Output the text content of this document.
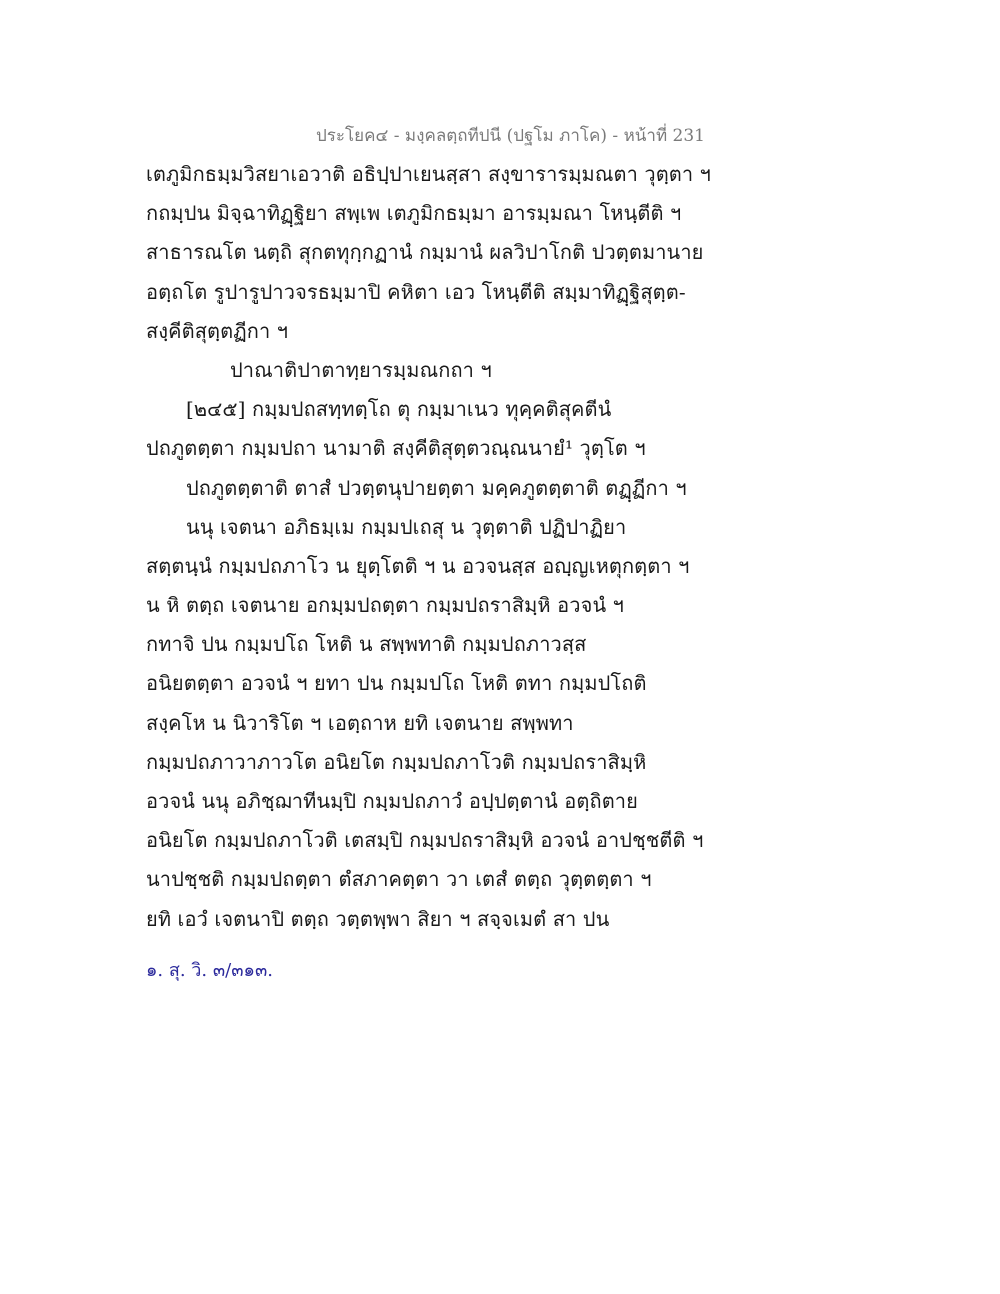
ประโยค๔ - มงฺคลตฺถทีปนี (ปฐโม ภาโค) - หน้าที่ 231
เตภูมิกธมฺมวิสยาเอวาติ อธิปฺปาเยนสฺสา สงฺขารารมฺมณตา วุตฺตา ฯ
กถมฺปน มิจฺฉาทิฏฺฐิยา สพฺเพ เตภูมิกธมฺมา อารมฺมณา โหนฺตีติ ฯ
สาธารณโต นตฺถิ สุกตทุกฺกฏานํ กมฺมานํ ผลวิปาโกติ ปวตฺตมานาย
อตฺถโต รูปารูปาวจรธมฺมาปิ คหิตา เอว โหนฺตีติ สมฺมาทิฏฺฐิสุตฺต-
สงฺคีติสุตฺตฏีกา ฯ
ปาณาติปาตาทฺยารมฺมณกถา ฯ
[๒๔๕] กมฺมปถสทฺทตฺโถ ตุ กมฺมาเนว ทุคฺคติสุคตีนํ
ปถภูตตฺตา กมฺมปถา นามาติ สงฺคีติสุตฺตวณฺณนายํ¹ วุตฺโต ฯ
ปถภูตตฺตาติ ตาสํ ปวตฺตนุปายตฺตา มคฺคภูตตฺตาติ ตฏฺฏีกา ฯ
นนุ เจตนา อภิธมฺเม กมฺมปเถสุ น วุตฺตาติ ปฏิปาฏิยา
สตฺตนฺนํ กมฺมปถภาโว น ยุตฺโตติ ฯ น อวจนสฺส อญฺญเหตุกตฺตา ฯ
น หิ ตตฺถ เจตนาย อกมฺมปถตฺตา กมฺมปถราสิมฺหิ อวจนํ ฯ
กทาจิ ปน กมฺมปโถ โหติ น สพฺพทาติ กมฺมปถภาวสฺส
อนิยตตฺตา อวจนํ ฯ ยทา ปน กมฺมปโถ โหติ ตทา กมฺมปโถติ
สงฺคโห น นิวาริโต ฯ เอตฺถาห ยทิ เจตนาย สพฺพทา
กมฺมปถภาวาภาวโต อนิยโต กมฺมปถภาโวติ กมฺมปถราสิมฺหิ
อวจนํ นนุ อภิชฺฌาทีนมฺปิ กมฺมปถภาวํ อปฺปตฺตานํ อตฺถิตาย
อนิยโต กมฺมปถภาโวติ เตสมฺปิ กมฺมปถราสิมฺหิ อวจนํ อาปชฺชตีติ ฯ
นาปชฺชติ กมฺมปถตฺตา ตํสภาคตฺตา วา เตสํ ตตฺถ วุตฺตตฺตา ฯ
ยทิ เอวํ เจตนาปิ ตตฺถ วตฺตพฺพา สิยา ฯ สจฺจเมตํ สา ปน
๑. สุ. วิ. ๓/๓๑๓.
